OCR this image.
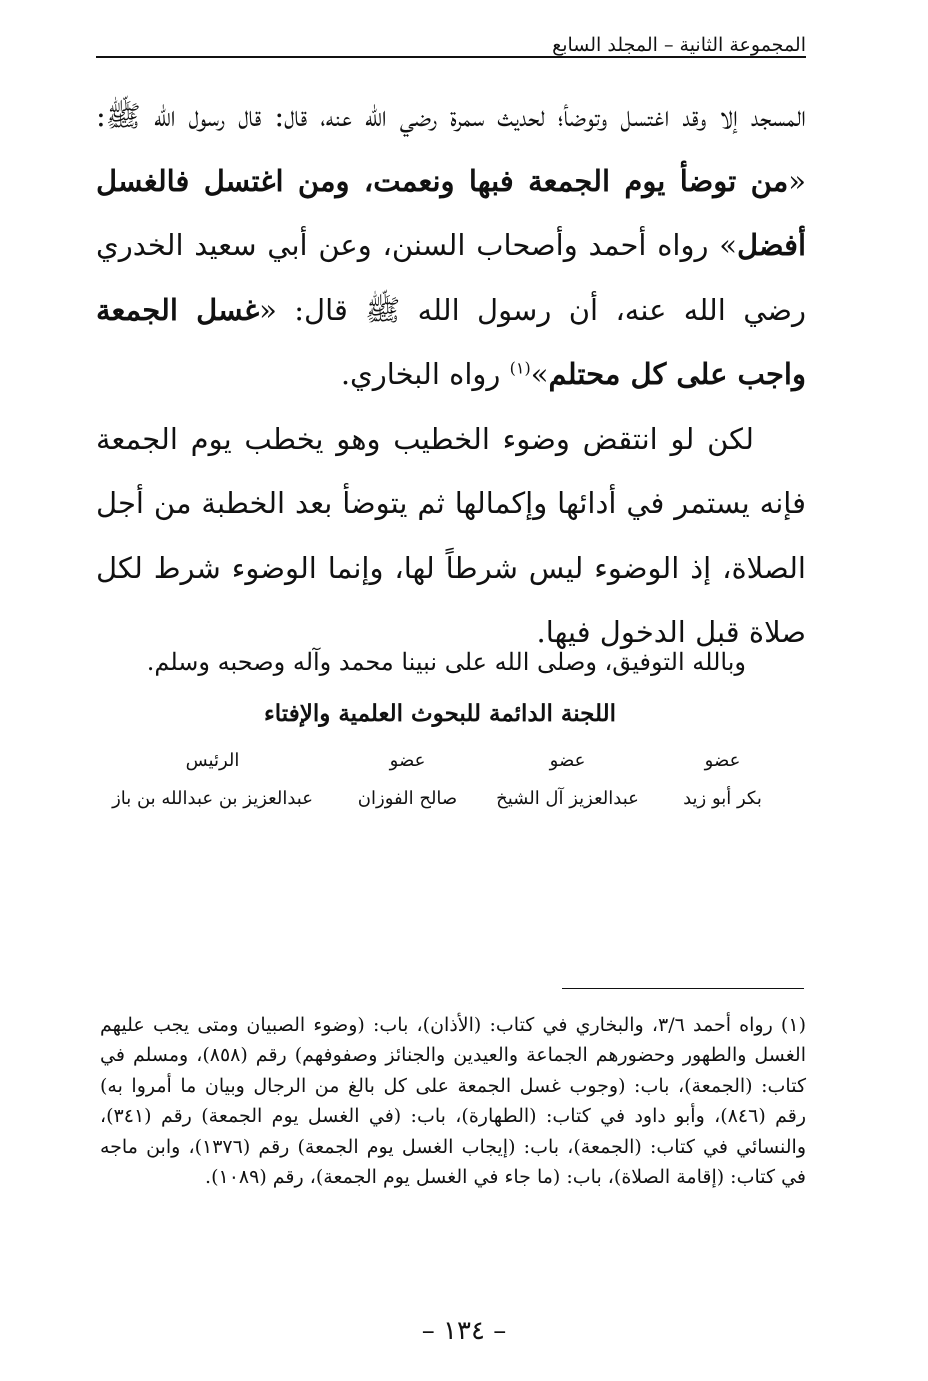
المجموعة الثانية – المجلد السابع

المسجد إلا وقد اغتسل وتوضأ؛ لحديث سمرة رضي الله عنه، قال: قال رسول الله ﷺ: «من توضأ يوم الجمعة فبها ونعمت، ومن اغتسل فالغسل أفضل» رواه أحمد وأصحاب السنن، وعن أبي سعيد الخدري رضي الله عنه، أن رسول الله ﷺ قال: «غسل الجمعة واجب على كل محتلم»$^{(١)}$ رواه البخاري.

لكن لو انتقض وضوء الخطيب وهو يخطب يوم الجمعة فإنه يستمر في أدائها وإكمالها ثم يتوضأ بعد الخطبة من أجل الصلاة، إذ الوضوء ليس شرطاً لها، وإنما الوضوء شرط لكل صلاة قبل الدخول فيها.

وبالله التوفيق، وصلى الله على نبينا محمد وآله وصحبه وسلم.
اللجنة الدائمة للبحوث العلمية والإفتاء
عضو
بكر أبو زيد
عضو
عبدالعزيز آل الشيخ
عضو
صالح الفوزان
الرئيس
عبدالعزيز بن عبدالله بن باز

(١) رواه أحمد ٣/٦، والبخاري في كتاب: (الأذان)، باب: (وضوء الصبيان ومتى يجب عليهم الغسل والطهور وحضورهم الجماعة والعيدين والجنائز وصفوفهم) رقم (٨٥٨)، ومسلم في كتاب: (الجمعة)، باب: (وجوب غسل الجمعة على كل بالغ من الرجال وبيان ما أمروا به) رقم (٨٤٦)، وأبو داود في كتاب: (الطهارة)، باب: (في الغسل يوم الجمعة) رقم (٣٤١)، والنسائي في كتاب: (الجمعة)، باب: (إيجاب الغسل يوم الجمعة) رقم (١٣٧٦)، وابن ماجه في كتاب: (إقامة الصلاة)، باب: (ما جاء في الغسل يوم الجمعة)، رقم (١٠٨٩).

– ١٣٤ –
